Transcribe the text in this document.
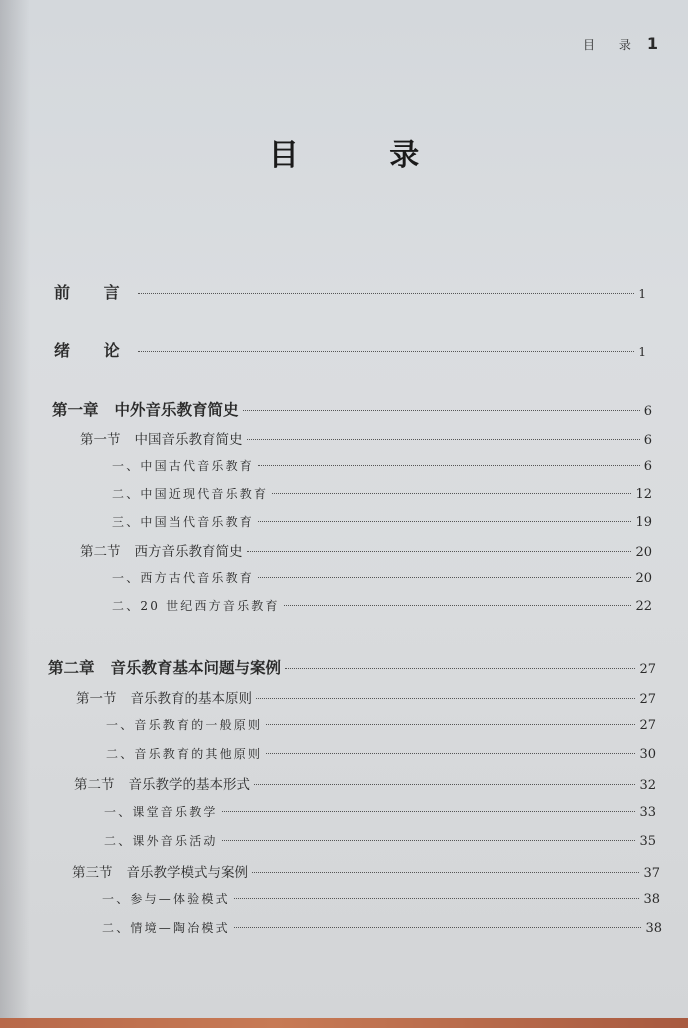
目 录 1
目 录
前 言	1
绪 论	1
第一章 中外音乐教育简史	6
第一节 中国音乐教育简史	6
一、中国古代音乐教育	6
二、中国近现代音乐教育	12
三、中国当代音乐教育	19
第二节 西方音乐教育简史	20
一、西方古代音乐教育	20
二、20 世纪西方音乐教育	22
第二章 音乐教育基本问题与案例	27
第一节 音乐教育的基本原则	27
一、音乐教育的一般原则	27
二、音乐教育的其他原则	30
第二节 音乐教学的基本形式	32
一、课堂音乐教学	33
二、课外音乐活动	35
第三节 音乐教学模式与案例	37
一、参与—体验模式	38
二、情境—陶冶模式	38
